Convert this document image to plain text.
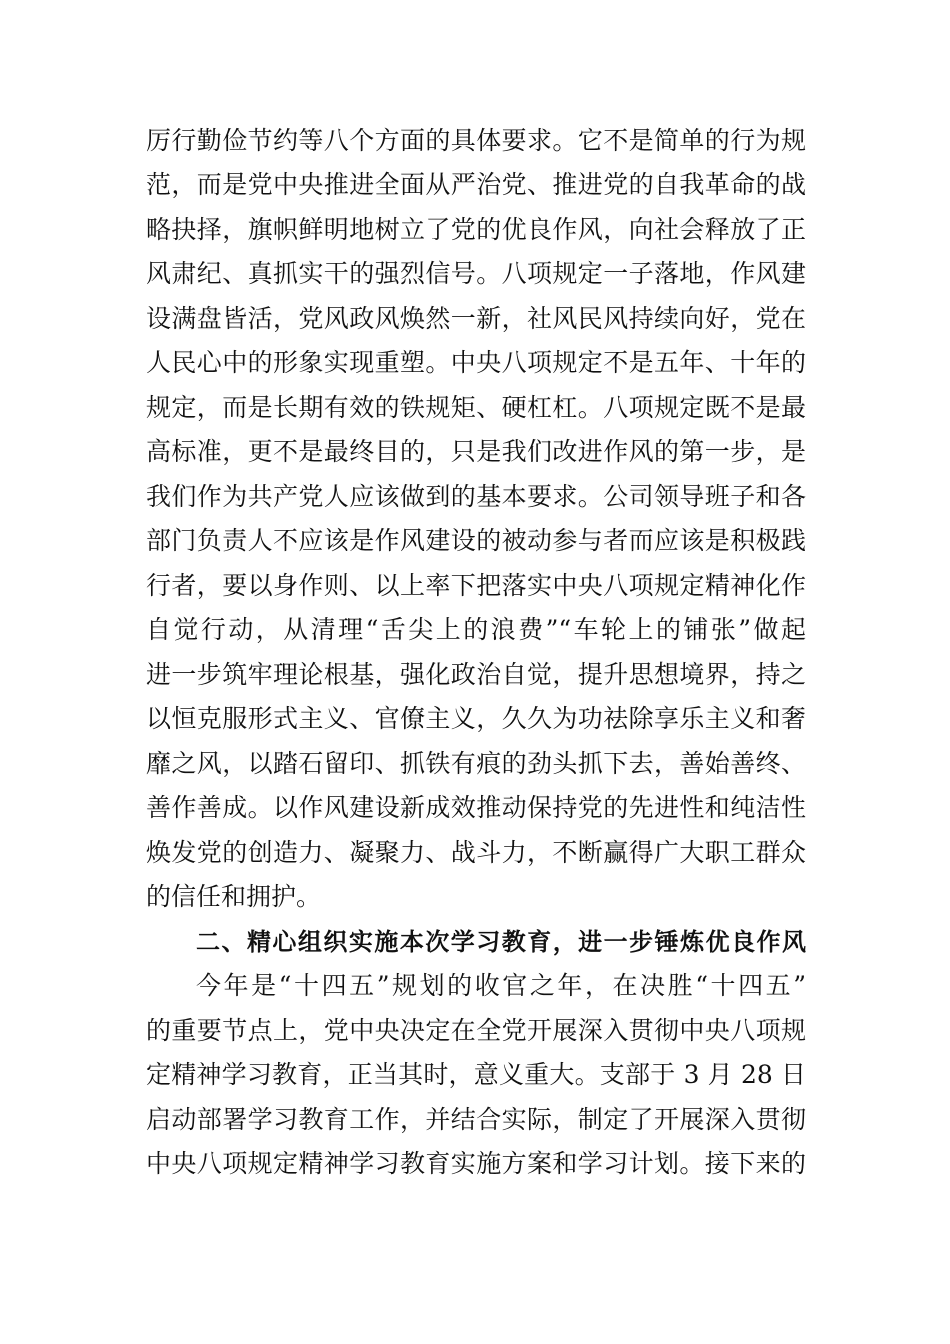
厉行勤俭节约等八个方面的具体要求。它不是简单的行为规
范，而是党中央推进全面从严治党、推进党的自我革命的战
略抉择，旗帜鲜明地树立了党的优良作风，向社会释放了正
风肃纪、真抓实干的强烈信号。八项规定一子落地，作风建
设满盘皆活，党风政风焕然一新，社风民风持续向好，党在
人民心中的形象实现重塑。中央八项规定不是五年、十年的
规定，而是长期有效的铁规矩、硬杠杠。八项规定既不是最
高标准，更不是最终目的，只是我们改进作风的第一步，是
我们作为共产党人应该做到的基本要求。公司领导班子和各
部门负责人不应该是作风建设的被动参与者而应该是积极践
行者，要以身作则、以上率下把落实中央八项规定精神化作
自觉行动，从清理“舌尖上的浪费”“车轮上的铺张”做起
进一步筑牢理论根基，强化政治自觉，提升思想境界，持之
以恒克服形式主义、官僚主义，久久为功祛除享乐主义和奢
靡之风，以踏石留印、抓铁有痕的劲头抓下去，善始善终、
善作善成。以作风建设新成效推动保持党的先进性和纯洁性
焕发党的创造力、凝聚力、战斗力，不断赢得广大职工群众
的信任和拥护。
二、精心组织实施本次学习教育，进一步锤炼优良作风
今年是“十四五”规划的收官之年，在决胜“十四五”
的重要节点上，党中央决定在全党开展深入贯彻中央八项规
定精神学习教育，正当其时，意义重大。支部于 3 月 28 日
启动部署学习教育工作，并结合实际，制定了开展深入贯彻
中央八项规定精神学习教育实施方案和学习计划。接下来的
